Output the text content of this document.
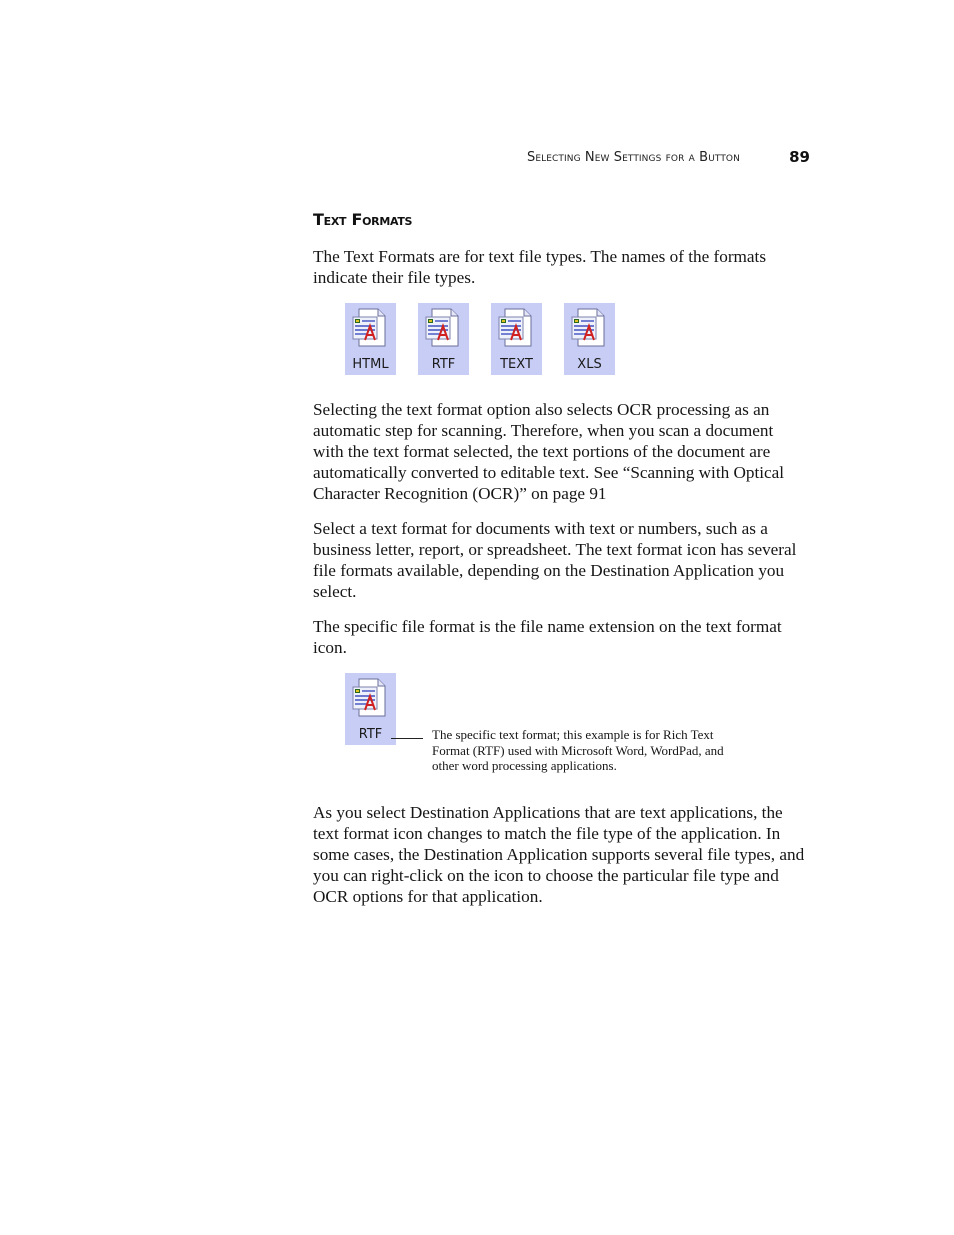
Selecting New Settings for a Button	89
Text Formats

The Text Formats are for text file types. The names of the formats indicate their file types.

HTML	RTF	TEXT	XLS

Selecting the text format option also selects OCR processing as an automatic step for scanning. Therefore, when you scan a document with the text format selected, the text portions of the document are automatically converted to editable text. See “Scanning with Optical Character Recognition (OCR)” on page 91

Select a text format for documents with text or numbers, such as a business letter, report, or spreadsheet. The text format icon has several file formats available, depending on the Destination Application you select.

The specific file format is the file name extension on the text format icon.

RTF	The specific text format; this example is for Rich Text Format (RTF) used with Microsoft Word, WordPad, and other word processing applications.

As you select Destination Applications that are text applications, the text format icon changes to match the file type of the application. In some cases, the Destination Application supports several file types, and you can right-click on the icon to choose the particular file type and OCR options for that application.
